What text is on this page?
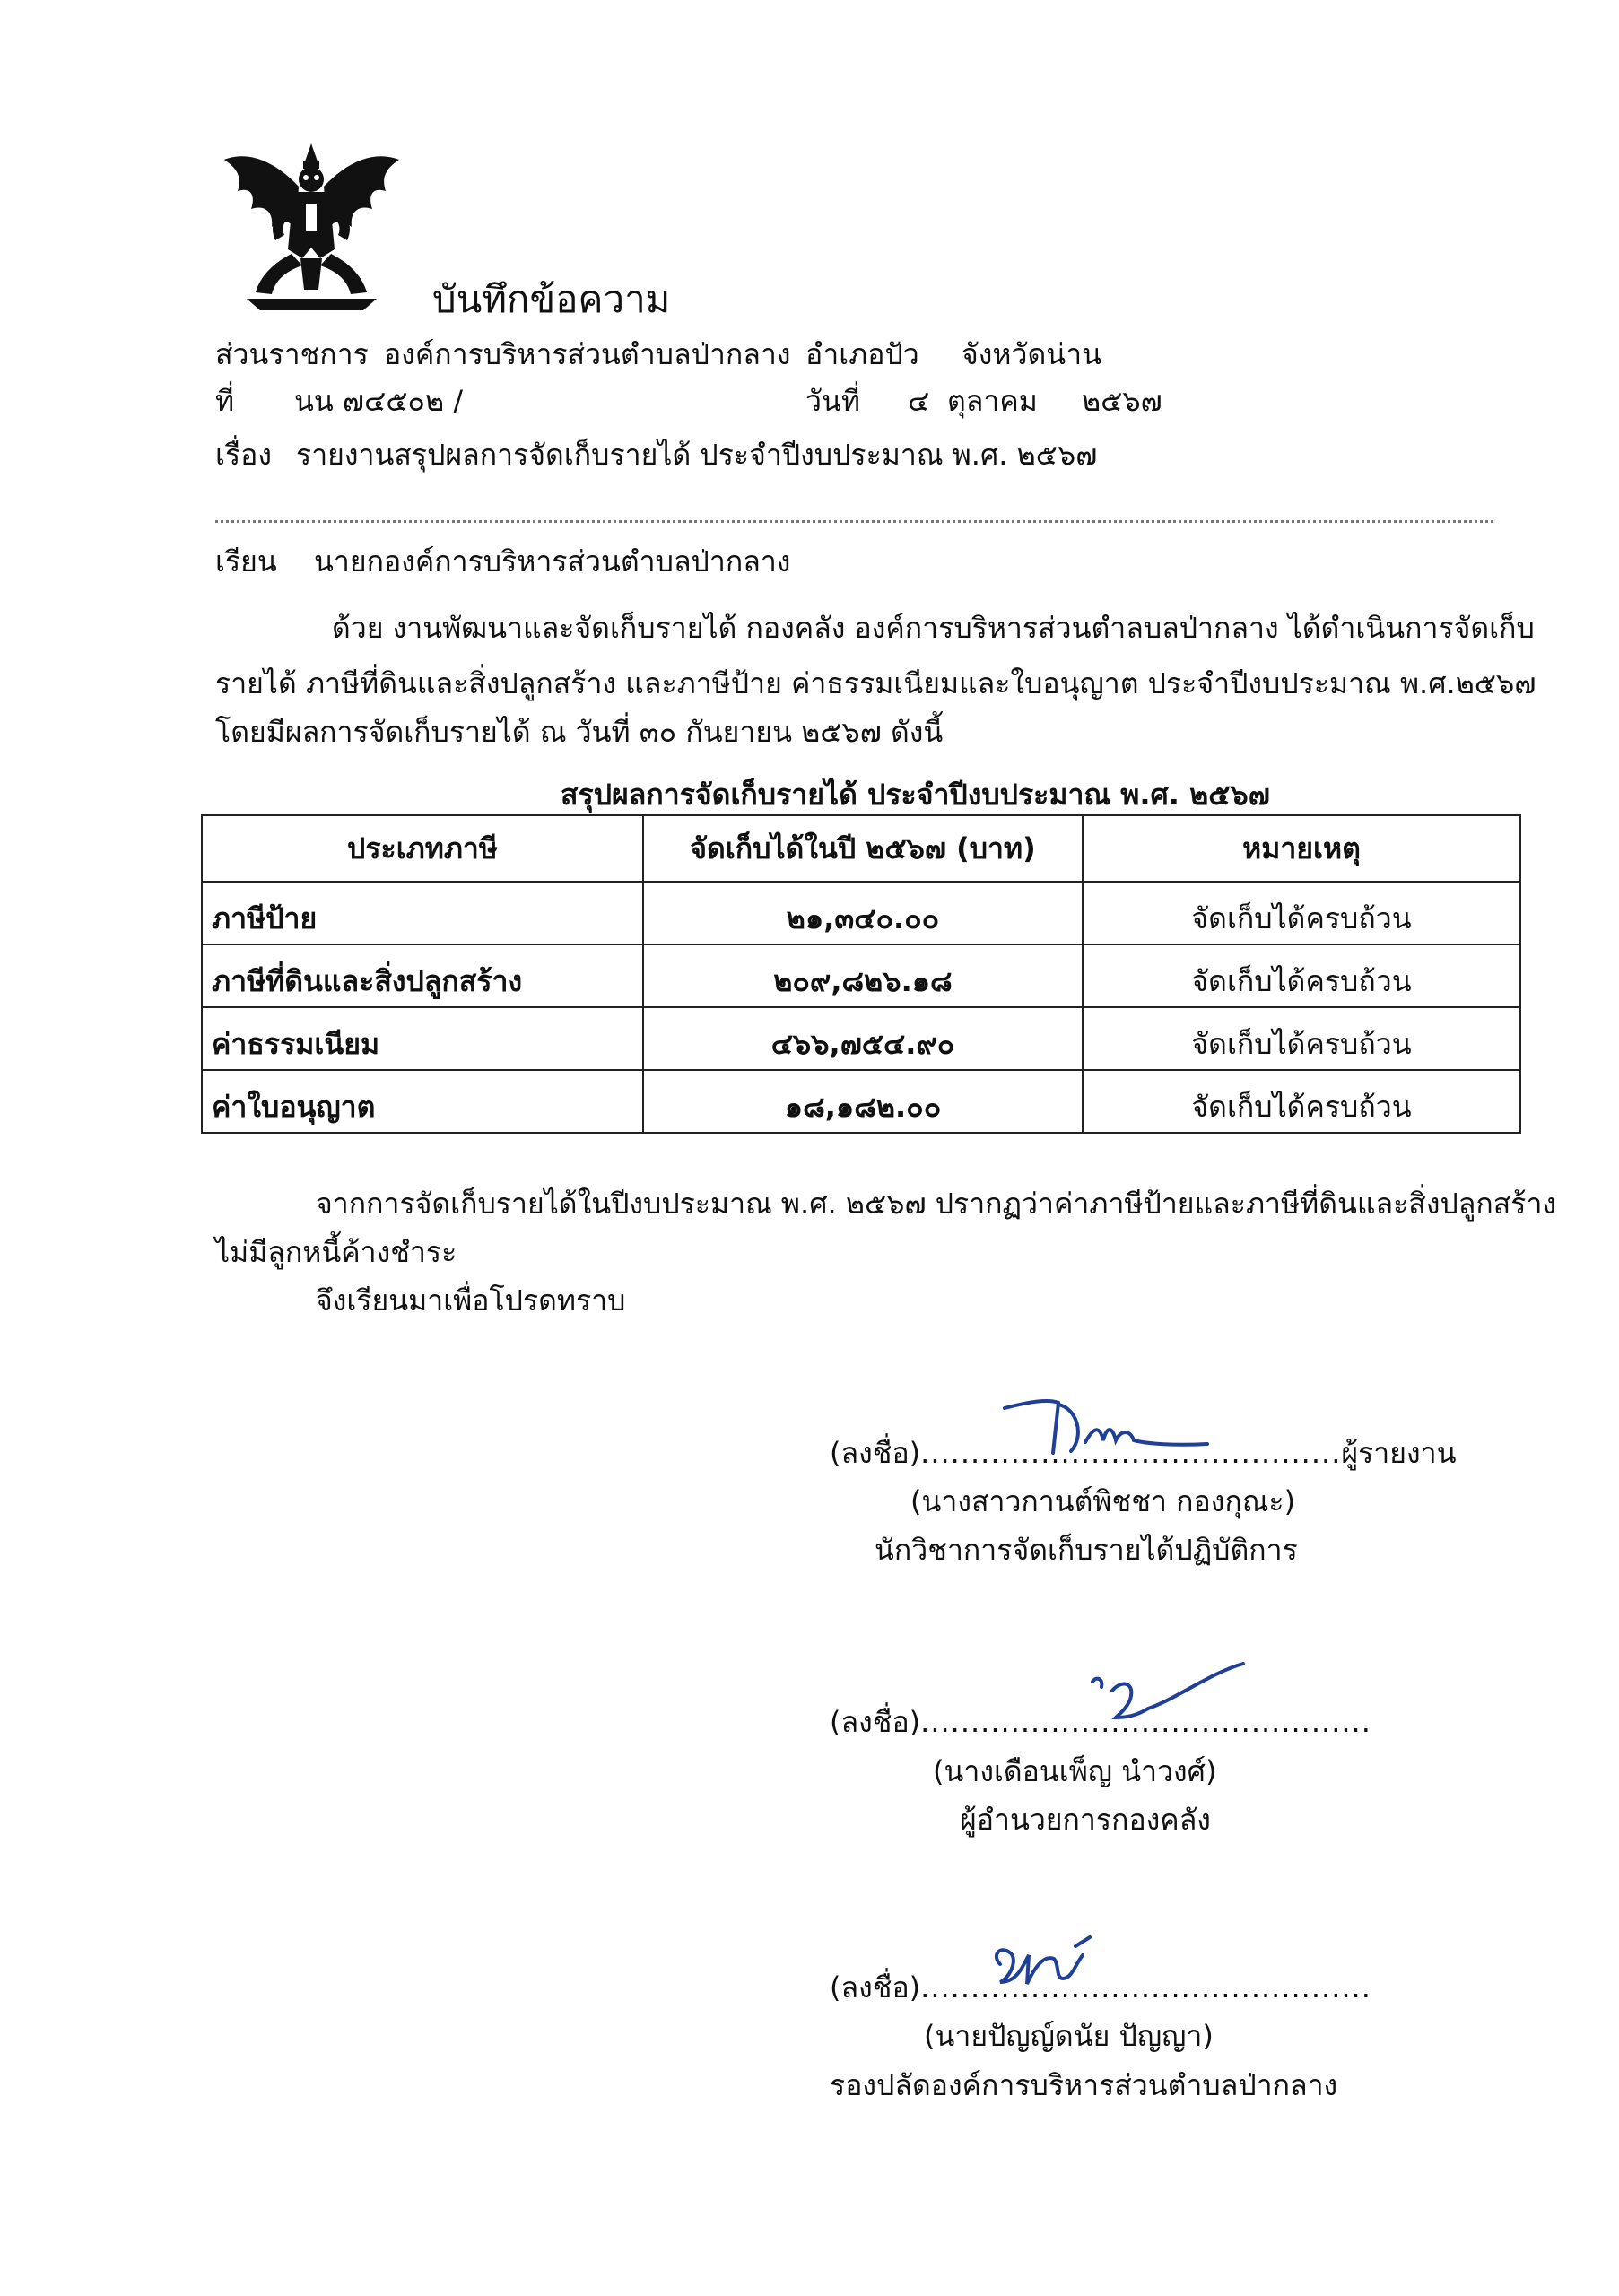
บันทึกข้อความ
ส่วนราชการ องค์การบริหารส่วนตำบลป่ากลาง อำเภอปัว จังหวัดน่าน
ที่ นน ๗๔๕๐๒ /	วันที่ ๔ ตุลาคม ๒๕๖๗
เรื่อง รายงานสรุปผลการจัดเก็บรายได้ ประจำปีงบประมาณ พ.ศ. ๒๕๖๗
เรียน นายกองค์การบริหารส่วนตำบลป่ากลาง
ด้วย งานพัฒนาและจัดเก็บรายได้ กองคลัง องค์การบริหารส่วนตำลบลป่ากลาง ได้ดำเนินการจัดเก็บ
รายได้ ภาษีที่ดินและสิ่งปลูกสร้าง และภาษีป้าย ค่าธรรมเนียมและใบอนุญาต ประจำปีงบประมาณ พ.ศ.๒๕๖๗
โดยมีผลการจัดเก็บรายได้ ณ วันที่ ๓๐ กันยายน ๒๕๖๗ ดังนี้
สรุปผลการจัดเก็บรายได้ ประจำปีงบประมาณ พ.ศ. ๒๕๖๗
ประเภทภาษี	จัดเก็บได้ในปี ๒๕๖๗ (บาท)	หมายเหตุ
ภาษีป้าย	๒๑,๓๔๐.๐๐	จัดเก็บได้ครบถ้วน
ภาษีที่ดินและสิ่งปลูกสร้าง	๒๐๙,๘๒๖.๑๘	จัดเก็บได้ครบถ้วน
ค่าธรรมเนียม	๔๖๖,๗๕๔.๙๐	จัดเก็บได้ครบถ้วน
ค่าใบอนุญาต	๑๘,๑๘๒.๐๐	จัดเก็บได้ครบถ้วน
จากการจัดเก็บรายได้ในปีงบประมาณ พ.ศ. ๒๕๖๗ ปรากฏว่าค่าภาษีป้ายและภาษีที่ดินและสิ่งปลูกสร้าง
ไม่มีลูกหนี้ค้างชำระ
จึงเรียนมาเพื่อโปรดทราบ
(ลงชื่อ)..........................................ผู้รายงาน
(นางสาวกานต์พิชชา กองกุณะ)
นักวิชาการจัดเก็บรายได้ปฏิบัติการ
(ลงชื่อ).............................................
(นางเดือนเพ็ญ นำวงศ์)
ผู้อำนวยการกองคลัง
(ลงชื่อ).............................................
(นายปัญญ์ดนัย ปัญญา)
รองปลัดองค์การบริหารส่วนตำบลป่ากลาง
